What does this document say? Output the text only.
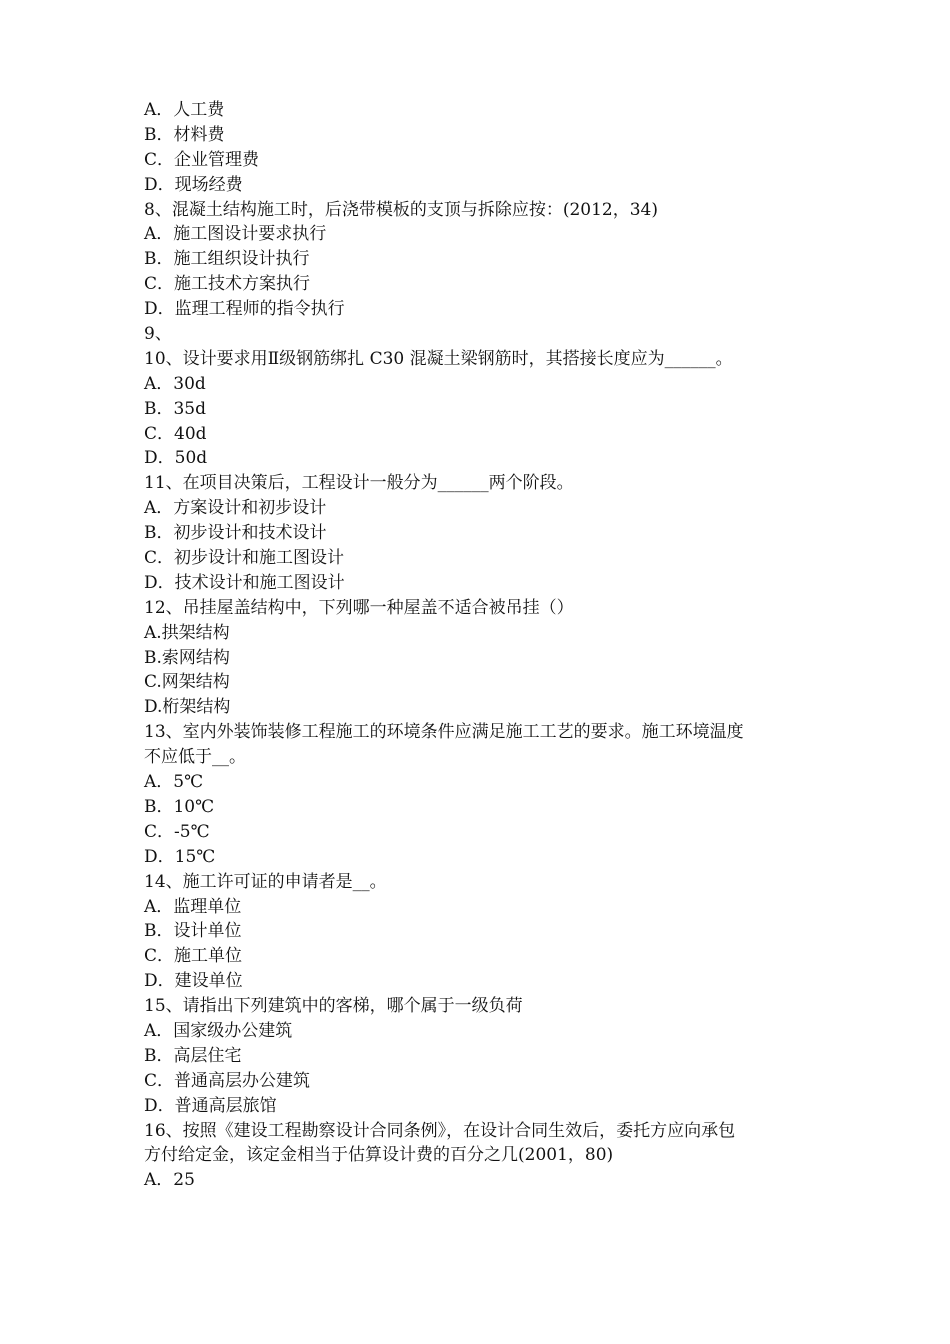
A．人工费
B．材料费
C．企业管理费
D．现场经费
8、混凝土结构施工时，后浇带模板的支顶与拆除应按：(2012，34)
A．施工图设计要求执行
B．施工组织设计执行
C．施工技术方案执行
D．监理工程师的指令执行
9、
10、设计要求用Ⅱ级钢筋绑扎 C30 混凝土梁钢筋时，其搭接长度应为______。
A．30d
B．35d
C．40d
D．50d
11、在项目决策后，工程设计一般分为______两个阶段。
A．方案设计和初步设计
B．初步设计和技术设计
C．初步设计和施工图设计
D．技术设计和施工图设计
12、吊挂屋盖结构中，下列哪一种屋盖不适合被吊挂（）
A.拱架结构
B.索网结构
C.网架结构
D.桁架结构
13、室内外装饰装修工程施工的环境条件应满足施工工艺的要求。施工环境温度
不应低于__。
A．5℃
B．10℃
C．-5℃
D．15℃
14、施工许可证的申请者是__。
A．监理单位
B．设计单位
C．施工单位
D．建设单位
15、请指出下列建筑中的客梯，哪个属于一级负荷
A．国家级办公建筑
B．高层住宅
C．普通高层办公建筑
D．普通高层旅馆
16、按照《建设工程勘察设计合同条例》，在设计合同生效后，委托方应向承包
方付给定金，该定金相当于估算设计费的百分之几(2001，80)
A．25
